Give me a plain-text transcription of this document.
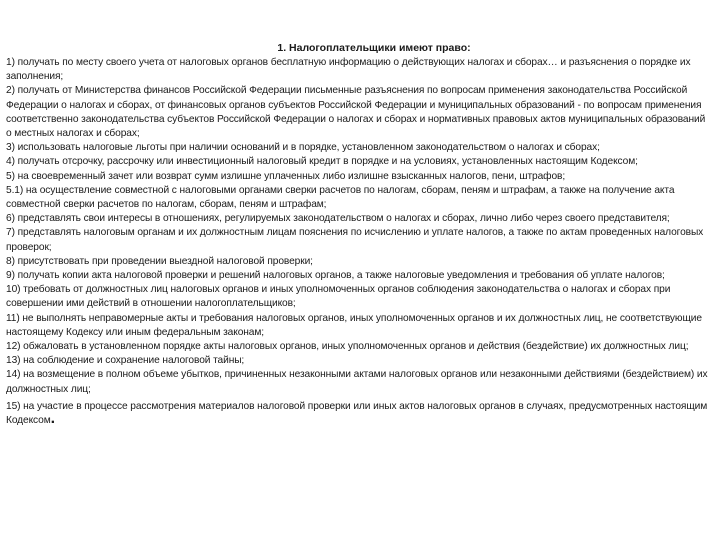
1. Налогоплательщики имеют право:
1) получать по месту своего учета от налоговых органов бесплатную информацию о действующих налогах и сборах… и разъяснения о порядке их заполнения;
2) получать от Министерства финансов Российской Федерации письменные разъяснения по вопросам применения законодательства Российской Федерации о налогах и сборах, от финансовых органов субъектов Российской Федерации и муниципальных образований - по вопросам применения соответственно законодательства субъектов Российской Федерации о налогах и сборах и нормативных правовых актов муниципальных образований о местных налогах и сборах;
3) использовать налоговые льготы при наличии оснований и в порядке, установленном законодательством о налогах и сборах;
4) получать отсрочку, рассрочку или инвестиционный налоговый кредит в порядке и на условиях, установленных настоящим Кодексом;
5) на своевременный зачет или возврат сумм излишне уплаченных либо излишне взысканных налогов, пени, штрафов;
5.1) на осуществление совместной с налоговыми органами сверки расчетов по налогам, сборам, пеням и штрафам, а также на получение акта совместной сверки расчетов по налогам, сборам, пеням и штрафам;
6) представлять свои интересы в отношениях, регулируемых законодательством о налогах и сборах, лично либо через своего представителя;
7) представлять налоговым органам и их должностным лицам пояснения по исчислению и уплате налогов, а также по актам проведенных налоговых проверок;
8) присутствовать при проведении выездной налоговой проверки;
9) получать копии акта налоговой проверки и решений налоговых органов, а также налоговые уведомления и требования об уплате налогов;
10) требовать от должностных лиц налоговых органов и иных уполномоченных органов соблюдения законодательства о налогах и сборах при совершении ими действий в отношении налогоплательщиков;
11) не выполнять неправомерные акты и требования налоговых органов, иных уполномоченных органов и их должностных лиц, не соответствующие настоящему Кодексу или иным федеральным законам;
12) обжаловать в установленном порядке акты налоговых органов, иных уполномоченных органов и действия (бездействие) их должностных лиц;
13) на соблюдение и сохранение налоговой тайны;
14) на возмещение в полном объеме убытков, причиненных незаконными актами налоговых органов или незаконными действиями (бездействием) их должностных лиц;
15) на участие в процессе рассмотрения материалов налоговой проверки или иных актов налоговых органов в случаях, предусмотренных настоящим Кодексом.
